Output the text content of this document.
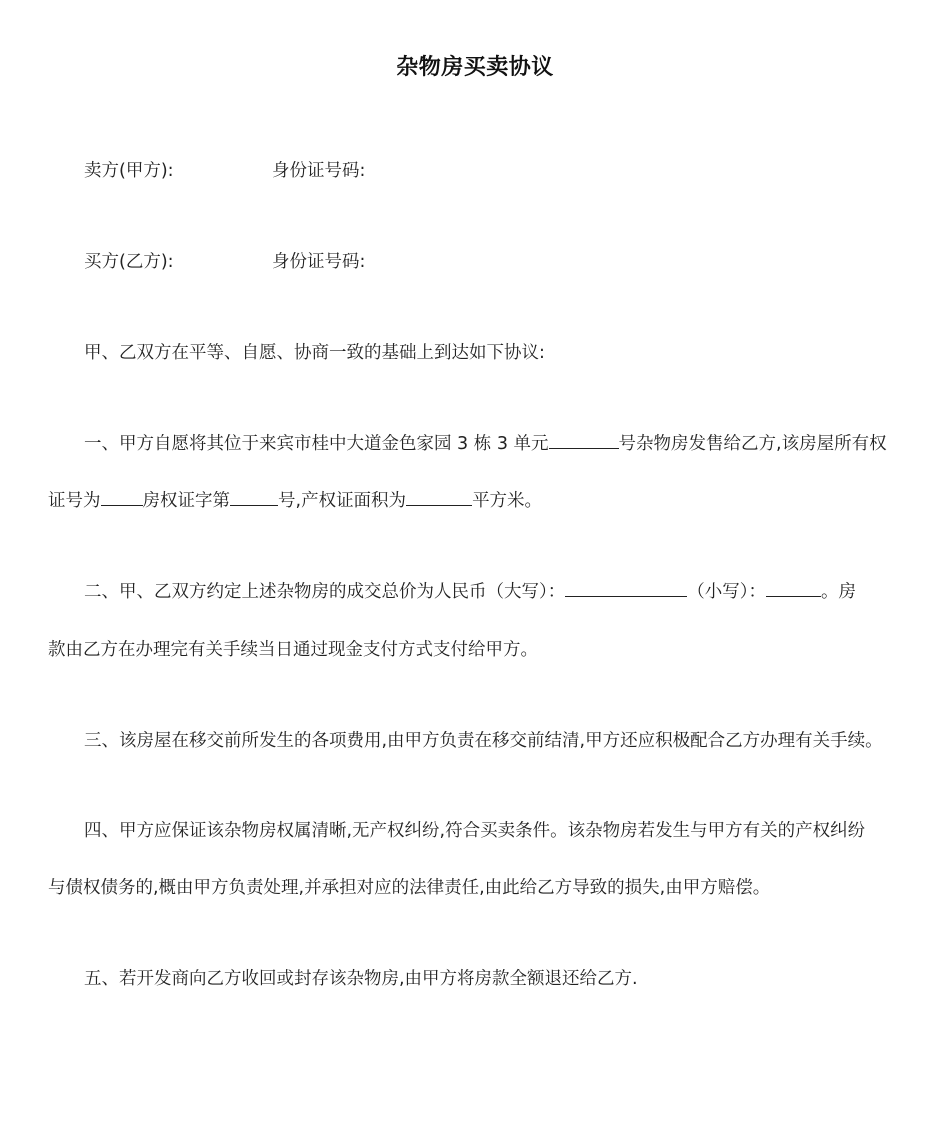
杂物房买卖协议
卖方(甲方):	身份证号码:
买方(乙方):	身份证号码:
甲、乙双方在平等、自愿、协商一致的基础上到达如下协议:
一、甲方自愿将其位于来宾市桂中大道金色家园 3 栋 3 单元	号杂物房发售给乙方,该房屋所有权
证号为 房权证字第	号,产权证面积为	平方米。
二、甲、乙双方约定上述杂物房的成交总价为人民币（大写）：	（小写）：	。房
款由乙方在办理完有关手续当日通过现金支付方式支付给甲方。
三、该房屋在移交前所发生的各项费用,由甲方负责在移交前结清,甲方还应积极配合乙方办理有关手续。
四、甲方应保证该杂物房权属清晰,无产权纠纷,符合买卖条件。该杂物房若发生与甲方有关的产权纠纷
与债权债务的,概由甲方负责处理,并承担对应的法律责任,由此给乙方导致的损失,由甲方赔偿。
五、若开发商向乙方收回或封存该杂物房,由甲方将房款全额退还给乙方.
